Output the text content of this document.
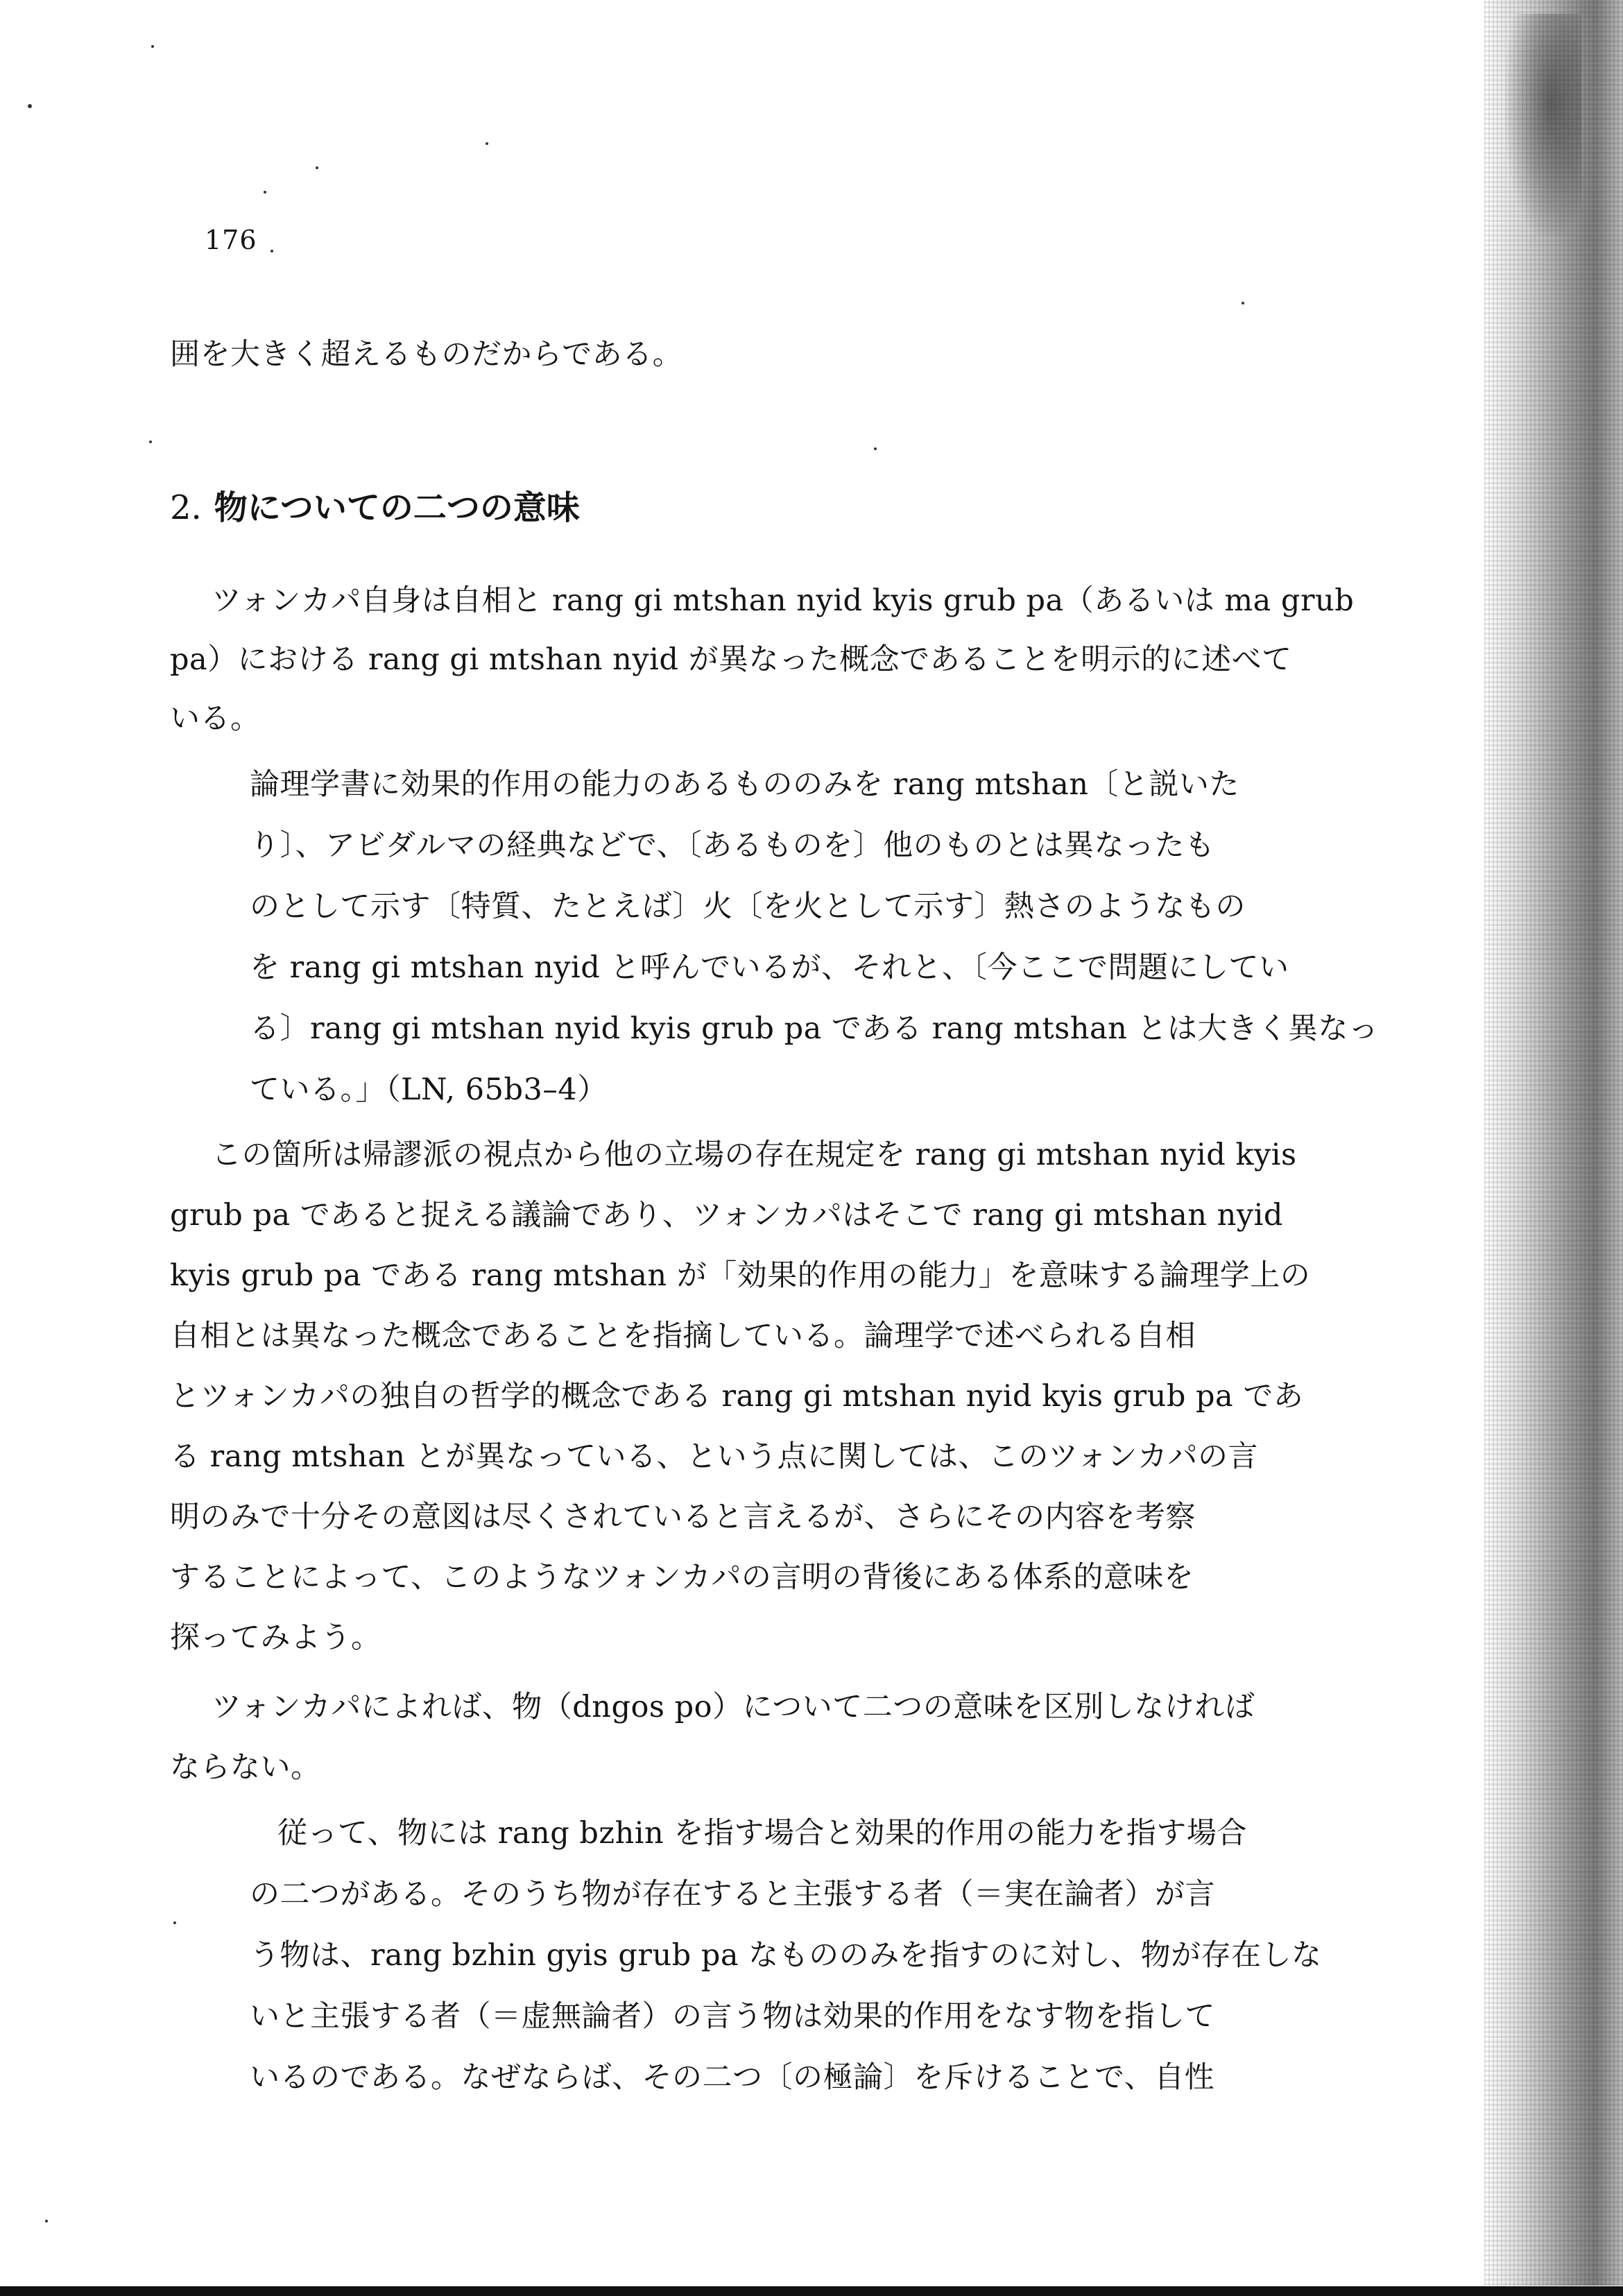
176
囲を大きく超えるものだからである。
2. 物についての二つの意味
ツォンカパ自身は自相と rang gi mtshan nyid kyis grub pa（あるいは ma grub
pa）における rang gi mtshan nyid が異なった概念であることを明示的に述べて
いる。
論理学書に効果的作用の能力のあるもののみを rang mtshan〔と説いた
り〕、アビダルマの経典などで、〔あるものを〕他のものとは異なったも
のとして示す〔特質、たとえば〕火〔を火として示す〕熱さのようなもの
を rang gi mtshan nyid と呼んでいるが、それと、〔今ここで問題にしてい
る〕rang gi mtshan nyid kyis grub pa である rang mtshan とは大きく異なっ
ている。」（LN, 65b3–4）
この箇所は帰謬派の視点から他の立場の存在規定を rang gi mtshan nyid kyis
grub pa であると捉える議論であり、ツォンカパはそこで rang gi mtshan nyid
kyis grub pa である rang mtshan が「効果的作用の能力」を意味する論理学上の
自相とは異なった概念であることを指摘している。論理学で述べられる自相
とツォンカパの独自の哲学的概念である rang gi mtshan nyid kyis grub pa であ
る rang mtshan とが異なっている、という点に関しては、このツォンカパの言
明のみで十分その意図は尽くされていると言えるが、さらにその内容を考察
することによって、このようなツォンカパの言明の背後にある体系的意味を
探ってみよう。
ツォンカパによれば、物（dngos po）について二つの意味を区別しなければ
ならない。
従って、物には rang bzhin を指す場合と効果的作用の能力を指す場合
の二つがある。そのうち物が存在すると主張する者（＝実在論者）が言
う物は、rang bzhin gyis grub pa なもののみを指すのに対し、物が存在しな
いと主張する者（＝虚無論者）の言う物は効果的作用をなす物を指して
いるのである。なぜならば、その二つ〔の極論〕を斥けることで、自性
